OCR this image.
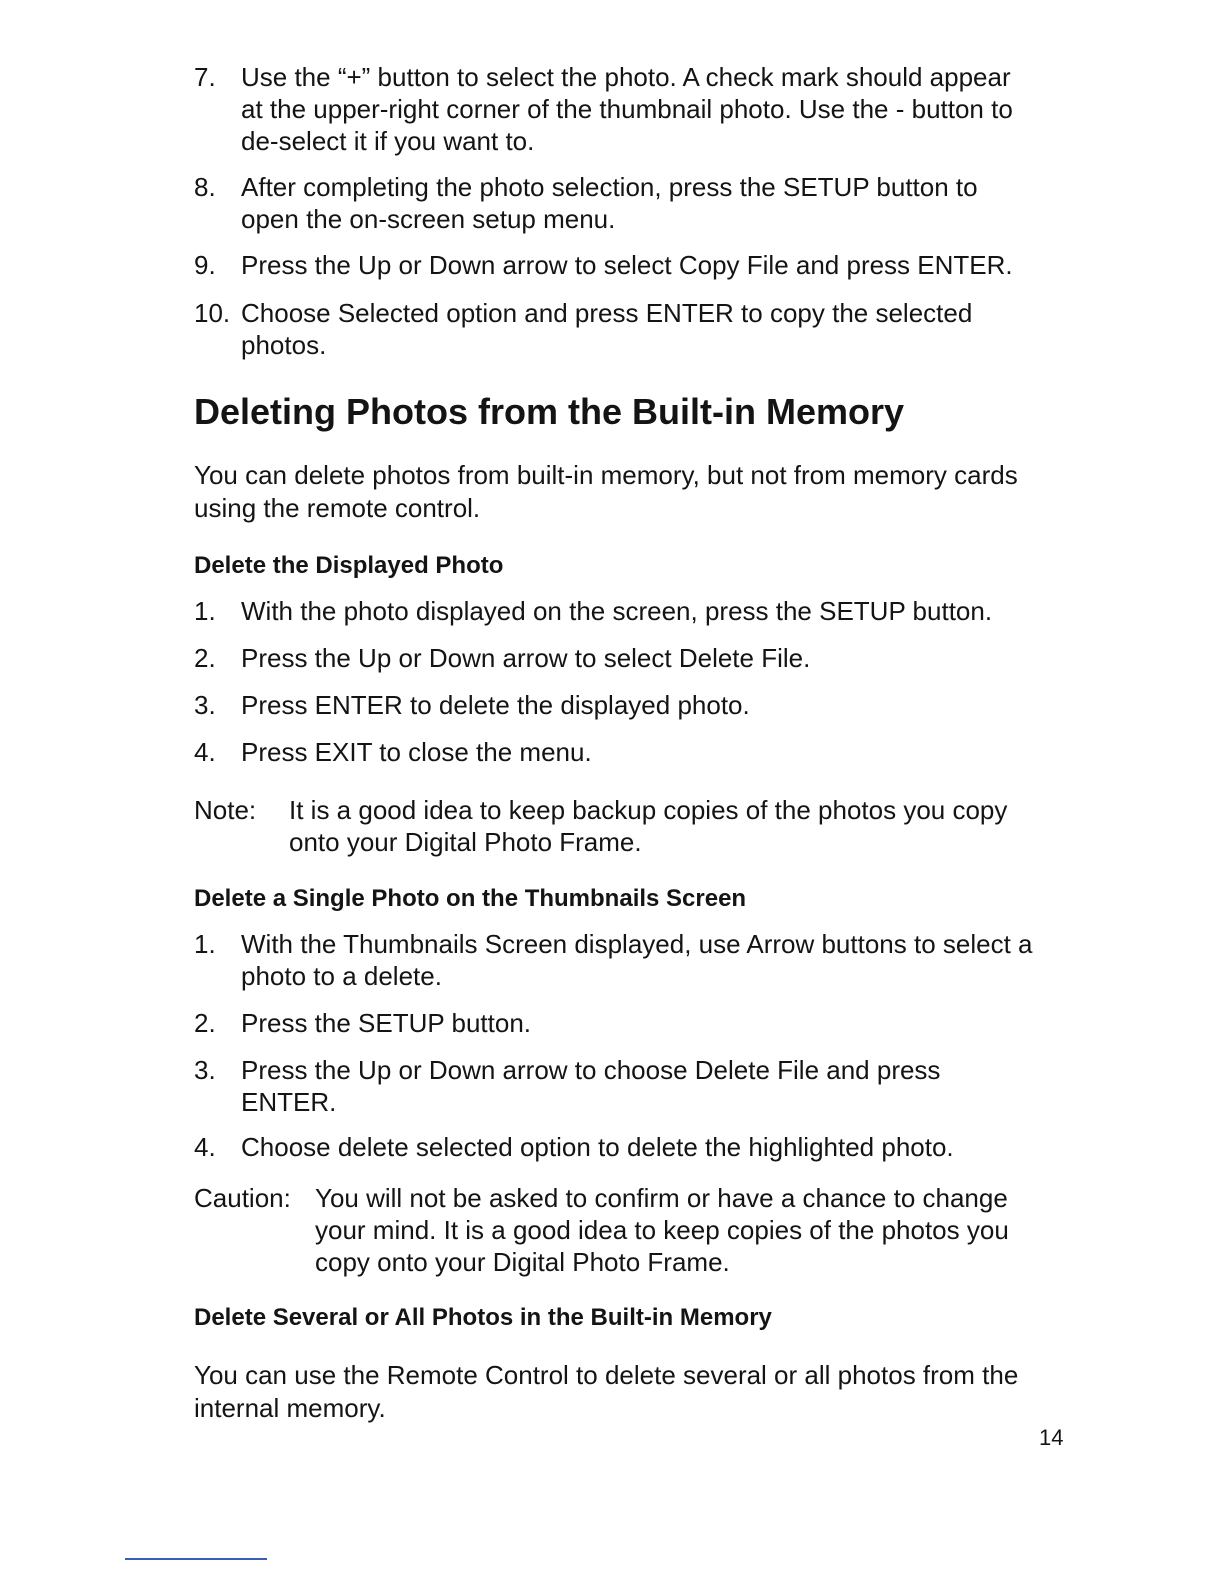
7. Use the “+” button to select the photo. A check mark should appear at the upper-right corner of the thumbnail photo. Use the - button to de-select it if you want to.
8. After completing the photo selection, press the SETUP button to open the on-screen setup menu.
9. Press the Up or Down arrow to select Copy File and press ENTER.
10. Choose Selected option and press ENTER to copy the selected photos.
Deleting Photos from the Built-in Memory
You can delete photos from built-in memory, but not from memory cards using the remote control.
Delete the Displayed Photo
1. With the photo displayed on the screen, press the SETUP button.
2. Press the Up or Down arrow to select Delete File.
3. Press ENTER to delete the displayed photo.
4. Press EXIT to close the menu.
Note: It is a good idea to keep backup copies of the photos you copy onto your Digital Photo Frame.
Delete a Single Photo on the Thumbnails Screen
1. With the Thumbnails Screen displayed, use Arrow buttons to select a photo to a delete.
2. Press the SETUP button.
3. Press the Up or Down arrow to choose Delete File and press ENTER.
4. Choose delete selected option to delete the highlighted photo.
Caution: You will not be asked to confirm or have a chance to change your mind. It is a good idea to keep copies of the photos you copy onto your Digital Photo Frame.
Delete Several or All Photos in the Built-in Memory
You can use the Remote Control to delete several or all photos from the internal memory.
14
